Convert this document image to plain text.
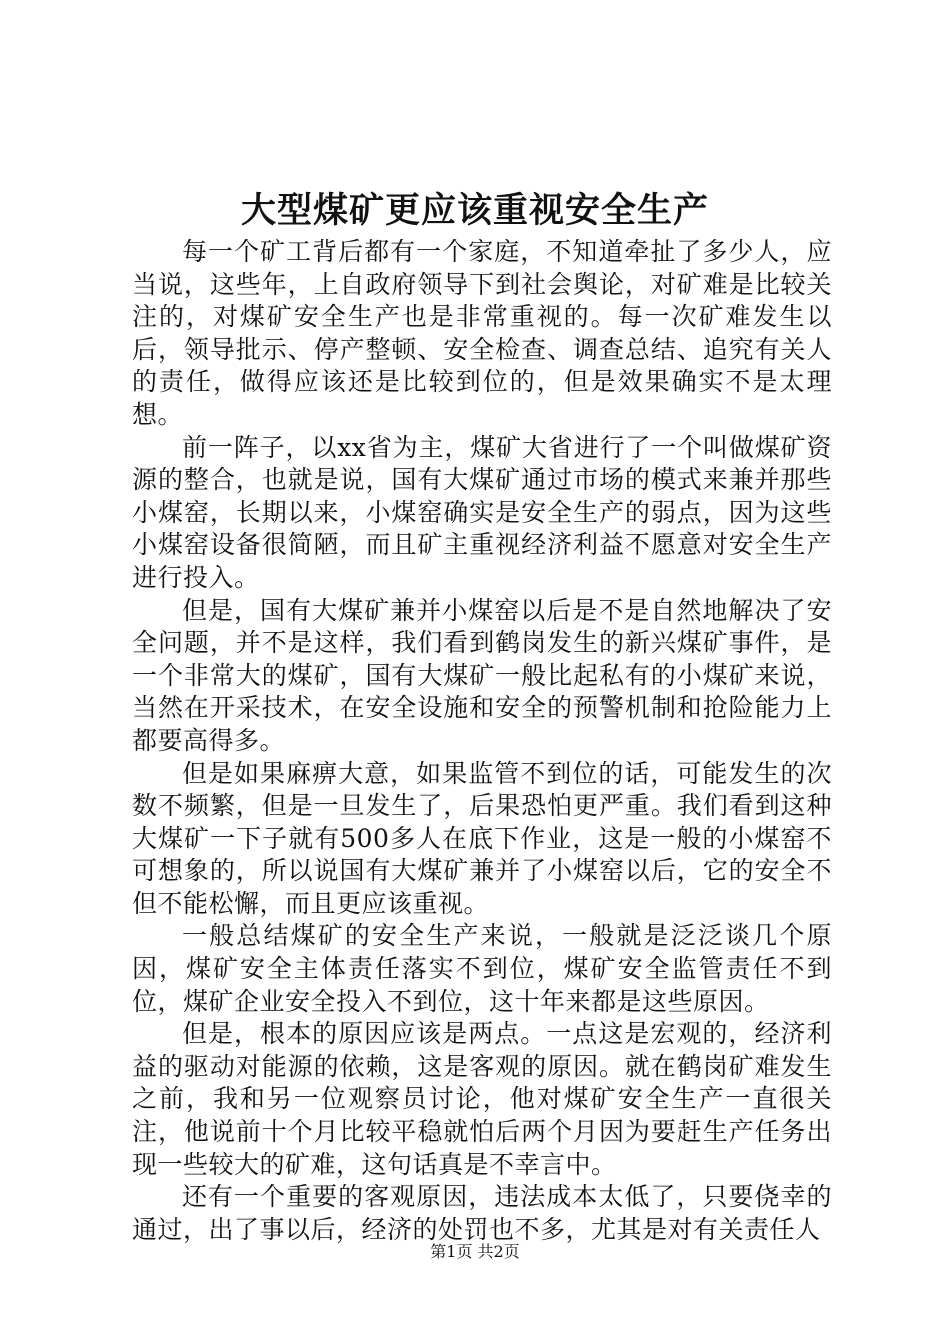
大型煤矿更应该重视安全生产

每一个矿工背后都有一个家庭，不知道牵扯了多少人，应当说，这些年，上自政府领导下到社会舆论，对矿难是比较关注的，对煤矿安全生产也是非常重视的。每一次矿难发生以后，领导批示、停产整顿、安全检查、调查总结、追究有关人的责任，做得应该还是比较到位的，但是效果确实不是太理想。

前一阵子，以xx省为主，煤矿大省进行了一个叫做煤矿资源的整合，也就是说，国有大煤矿通过市场的模式来兼并那些小煤窑，长期以来，小煤窑确实是安全生产的弱点，因为这些小煤窑设备很简陋，而且矿主重视经济利益不愿意对安全生产进行投入。

但是，国有大煤矿兼并小煤窑以后是不是自然地解决了安全问题，并不是这样，我们看到鹤岗发生的新兴煤矿事件，是一个非常大的煤矿，国有大煤矿一般比起私有的小煤矿来说，当然在开采技术，在安全设施和安全的预警机制和抢险能力上都要高得多。

但是如果麻痹大意，如果监管不到位的话，可能发生的次数不频繁，但是一旦发生了，后果恐怕更严重。我们看到这种大煤矿一下子就有500多人在底下作业，这是一般的小煤窑不可想象的，所以说国有大煤矿兼并了小煤窑以后，它的安全不但不能松懈，而且更应该重视。

一般总结煤矿的安全生产来说，一般就是泛泛谈几个原因，煤矿安全主体责任落实不到位，煤矿安全监管责任不到位，煤矿企业安全投入不到位，这十年来都是这些原因。

但是，根本的原因应该是两点。一点这是宏观的，经济利益的驱动对能源的依赖，这是客观的原因。就在鹤岗矿难发生之前，我和另一位观察员讨论，他对煤矿安全生产一直很关注，他说前十个月比较平稳就怕后两个月因为要赶生产任务出现一些较大的矿难，这句话真是不幸言中。

还有一个重要的客观原因，违法成本太低了，只要侥幸的通过，出了事以后，经济的处罚也不多，尤其是对有关责任人

第1页 共2页
